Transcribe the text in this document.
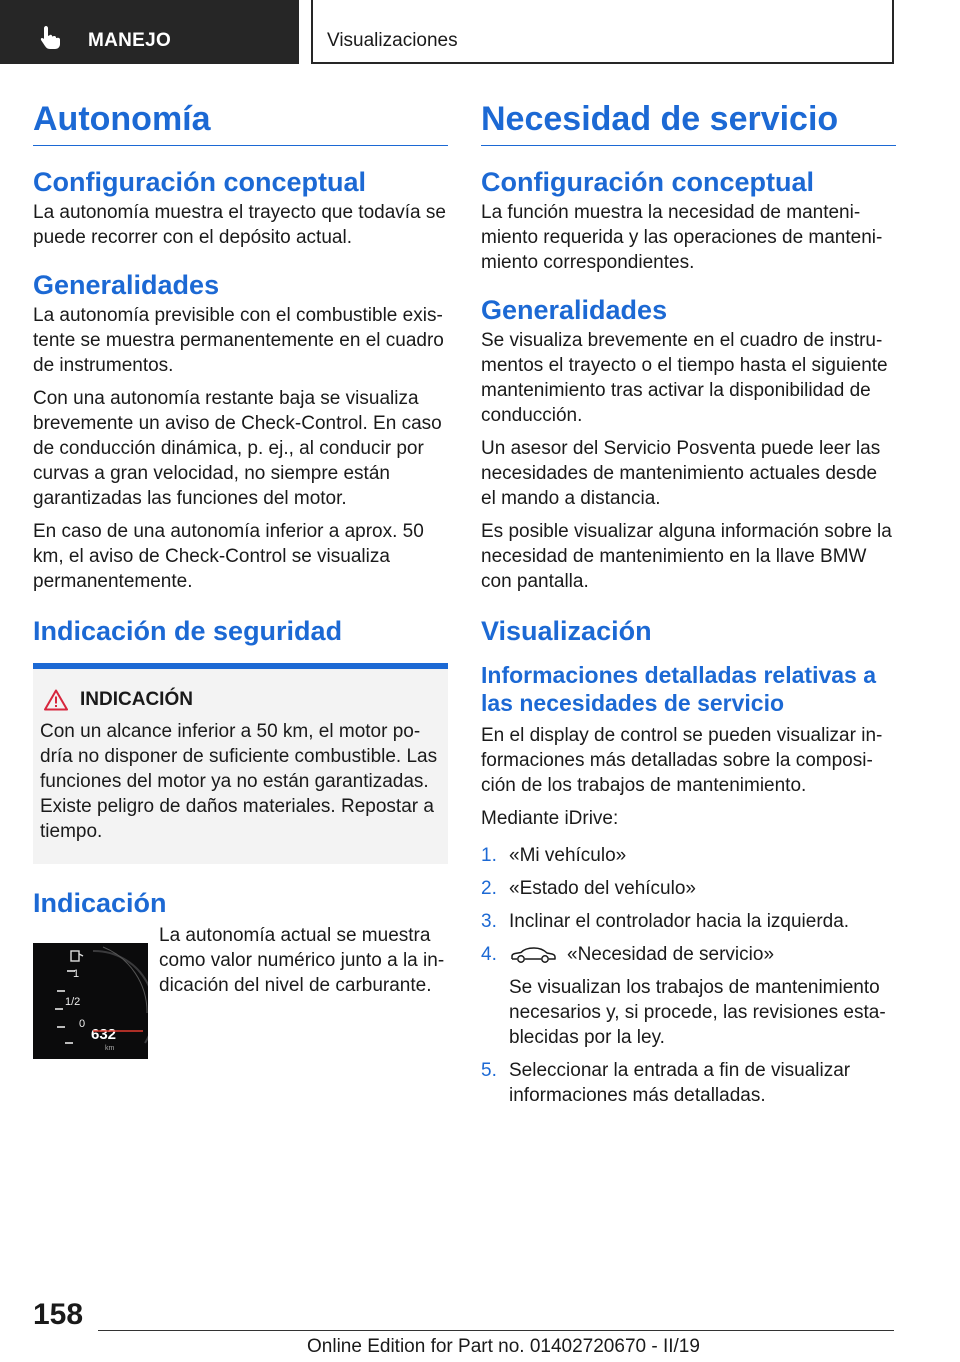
MANEJO	Visualizaciones
Autonomía
Configuración conceptual

La autonomía muestra el trayecto que todavía se puede recorrer con el depósito actual.

Generalidades

La autonomía previsible con el combustible existente se muestra permanentemente en el cuadro de instrumentos.

Con una autonomía restante baja se visualiza brevemente un aviso de Check-Control. En caso de conducción dinámica, p. ej., al conducir por curvas a gran velocidad, no siempre están garantizadas las funciones del motor.

En caso de una autonomía inferior a aprox. 50 km, el aviso de Check-Control se visualiza permanentemente.

Indicación de seguridad
INDICACIÓN

Con un alcance inferior a 50 km, el motor podría no disponer de suficiente combustible. Las funciones del motor ya no están garantizadas. Existe peligro de daños materiales. Repostar a tiempo.

Indicación
1
1/2
0
632
km

La autonomía actual se muestra como valor numérico junto a la indicación del nivel de carburante.

Necesidad de servicio
Configuración conceptual

La función muestra la necesidad de mantenimiento requerida y las operaciones de mantenimiento correspondientes.

Generalidades

Se visualiza brevemente en el cuadro de instrumentos el trayecto o el tiempo hasta el siguiente mantenimiento tras activar la disponibilidad de conducción.

Un asesor del Servicio Posventa puede leer las necesidades de mantenimiento actuales desde el mando a distancia.

Es posible visualizar alguna información sobre la necesidad de mantenimiento en la llave BMW con pantalla.

Visualización
Informaciones detalladas relativas a las necesidades de servicio

En el display de control se pueden visualizar informaciones más detalladas sobre la composición de los trabajos de mantenimiento.

Mediante iDrive:

1. «Mi vehículo»
2. «Estado del vehículo»
3. Inclinar el controlador hacia la izquierda.
4.	«Necesidad de servicio»

Se visualizan los trabajos de mantenimiento necesarios y, si procede, las revisiones establecidas por la ley.

5. Seleccionar la entrada a fin de visualizar informaciones más detalladas.
158
Online Edition for Part no. 01402720670 - II/19
